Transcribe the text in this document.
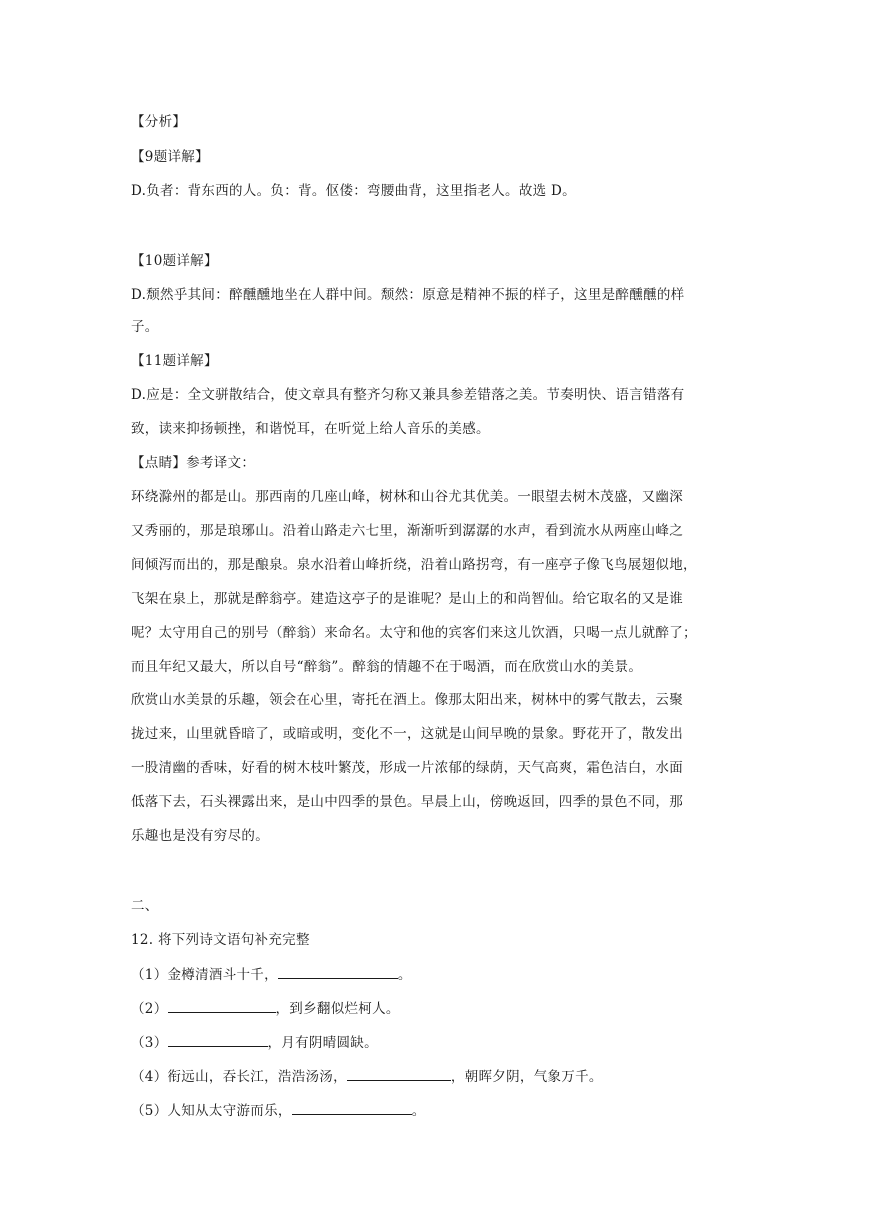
【分析】
【9题详解】
D.负者：背东西的人。负：背。伛偻：弯腰曲背，这里指老人。故选 D。
【10题详解】
D.颓然乎其间：醉醺醺地坐在人群中间。颓然：原意是精神不振的样子，这里是醉醺醺的样
子。
【11题详解】
D.应是：全文骈散结合，使文章具有整齐匀称又兼具参差错落之美。节奏明快、语言错落有
致，读来抑扬顿挫，和谐悦耳，在听觉上给人音乐的美感。
【点睛】参考译文：
环绕滁州的都是山。那西南的几座山峰，树林和山谷尤其优美。一眼望去树木茂盛，又幽深
又秀丽的，那是琅琊山。沿着山路走六七里，渐渐听到潺潺的水声，看到流水从两座山峰之
间倾泻而出的，那是酿泉。泉水沿着山峰折绕，沿着山路拐弯，有一座亭子像飞鸟展翅似地，
飞架在泉上，那就是醉翁亭。建造这亭子的是谁呢？是山上的和尚智仙。给它取名的又是谁
呢？太守用自己的别号（醉翁）来命名。太守和他的宾客们来这儿饮酒，只喝一点儿就醉了；
而且年纪又最大，所以自号“醉翁”。醉翁的情趣不在于喝酒，而在欣赏山水的美景。
欣赏山水美景的乐趣，领会在心里，寄托在酒上。像那太阳出来，树林中的雾气散去，云聚
拢过来，山里就昏暗了，或暗或明，变化不一，这就是山间早晚的景象。野花开了，散发出
一股清幽的香味，好看的树木枝叶繁茂，形成一片浓郁的绿荫，天气高爽，霜色洁白，水面
低落下去，石头裸露出来，是山中四季的景色。早晨上山，傍晚返回，四季的景色不同，那
乐趣也是没有穷尽的。
二、
12. 将下列诗文语句补充完整
（1）金樽清酒斗十千，	。
（2）	，到乡翻似烂柯人。
（3）	，月有阴晴圆缺。
（4）衔远山，吞长江，浩浩汤汤，	，朝晖夕阴，气象万千。
（5）人知从太守游而乐，	。
